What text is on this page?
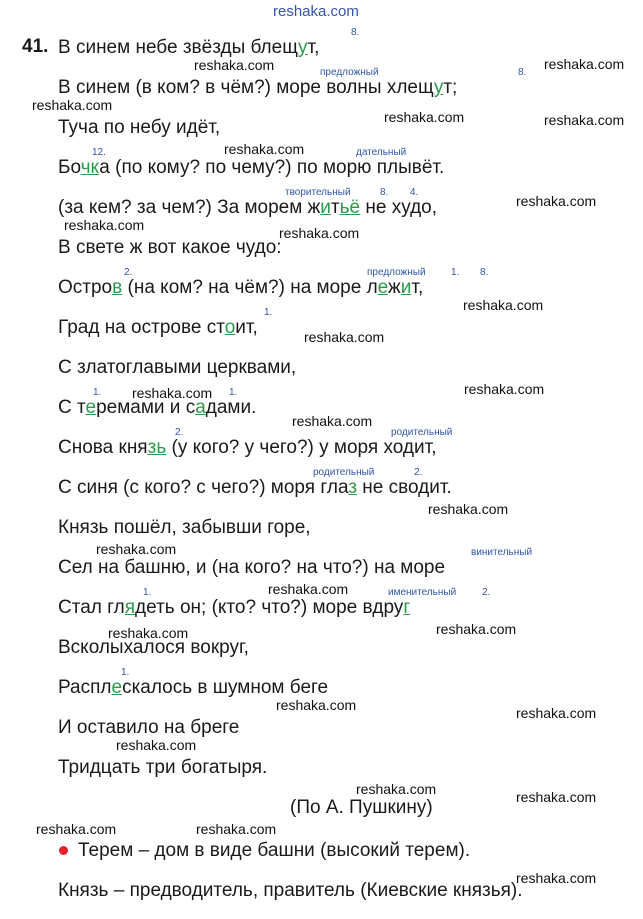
reshaka.com
41. В синем небе звёзды блещут,
В синем (в ком? в чём?) море волны хлещут;
Туча по небу идёт,
Бочка (по кому? по чему?) по морю плывёт.
(за кем? за чем?) За морем житьё не худо,
В свете ж вот какое чудо:
Остров (на ком? на чём?) на море лежит,
Град на острове стоит,
С златоглавыми церквами,
С теремами и садами.
Снова князь (у кого? у чего?) у моря ходит,
С синя (с кого? с чего?) моря глаз не сводит.
Князь пошёл, забывши горе,
Сел на башню, и (на кого? на что?) на море
Стал глядеть он; (кто? что?) море вдруг
Всколыхалося вокруг,
Расплескалось в шумном беге
И оставило на бреге
Тридцать три богатыря.
(По А. Пушкину)
Терем – дом в виде башни (высокий терем).
Князь – предводитель, правитель (Киевские князья).
8.
предложный	8.
12.	дательный
творительный	8. 4.
2.	предложный	1. 8.
1.
1.	1.
2.	родительный
родительный	2.
винительный
1.	именительный	2.
1.
reshaka.com	reshaka.com
reshaka.com
reshaka.com	reshaka.com
reshaka.com
reshaka.com
reshaka.com	reshaka.com
reshaka.com
reshaka.com
reshaka.com
reshaka.com
reshaka.com
reshaka.com
reshaka.com
reshaka.com
reshaka.com	reshaka.com
reshaka.com	reshaka.com
reshaka.com
reshaka.com	reshaka.com
reshaka.com	reshaka.com
reshaka.com
